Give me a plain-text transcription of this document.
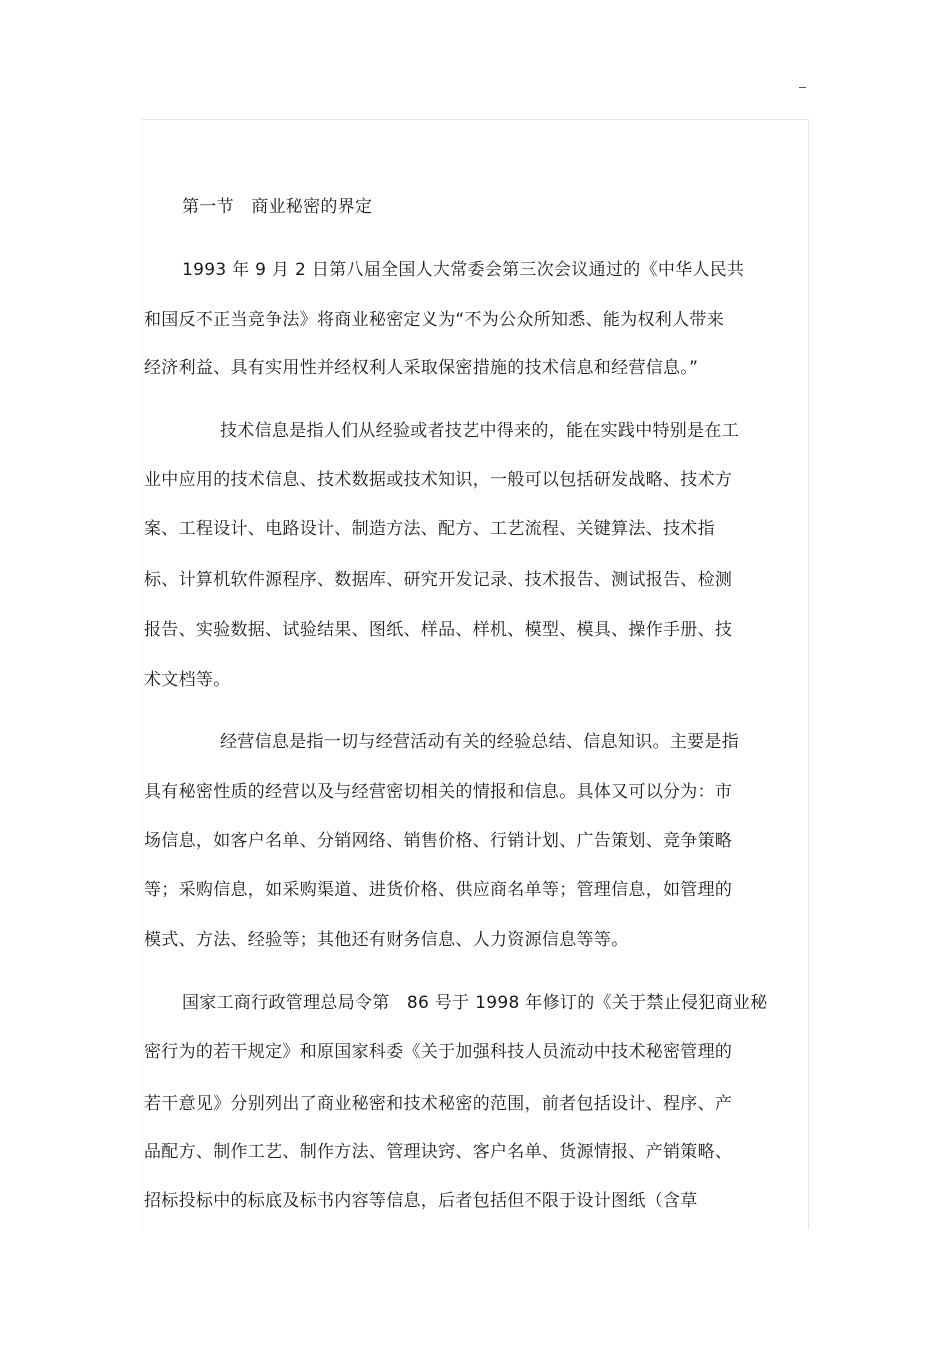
第一节　商业秘密的界定
1993 年 9 月 2 日第八届全国人大常委会第三次会议通过的《中华人民共
和国反不正当竞争法》将商业秘密定义为“不为公众所知悉、能为权利人带来
经济利益、具有实用性并经权利人采取保密措施的技术信息和经营信息。”
技术信息是指人们从经验或者技艺中得来的，能在实践中特别是在工
业中应用的技术信息、技术数据或技术知识，一般可以包括研发战略、技术方
案、工程设计、电路设计、制造方法、配方、工艺流程、关键算法、技术指
标、计算机软件源程序、数据库、研究开发记录、技术报告、测试报告、检测
报告、实验数据、试验结果、图纸、样品、样机、模型、模具、操作手册、技
术文档等。
经营信息是指一切与经营活动有关的经验总结、信息知识。主要是指
具有秘密性质的经营以及与经营密切相关的情报和信息。具体又可以分为：市
场信息，如客户名单、分销网络、销售价格、行销计划、广告策划、竞争策略
等；采购信息，如采购渠道、进货价格、供应商名单等；管理信息，如管理的
模式、方法、经验等；其他还有财务信息、人力资源信息等等。
国家工商行政管理总局令第　86 号于 1998 年修订的《关于禁止侵犯商业秘
密行为的若干规定》和原国家科委《关于加强科技人员流动中技术秘密管理的
若干意见》分别列出了商业秘密和技术秘密的范围，前者包括设计、程序、产
品配方、制作工艺、制作方法、管理诀窍、客户名单、货源情报、产销策略、
招标投标中的标底及标书内容等信息，后者包括但不限于设计图纸（含草
